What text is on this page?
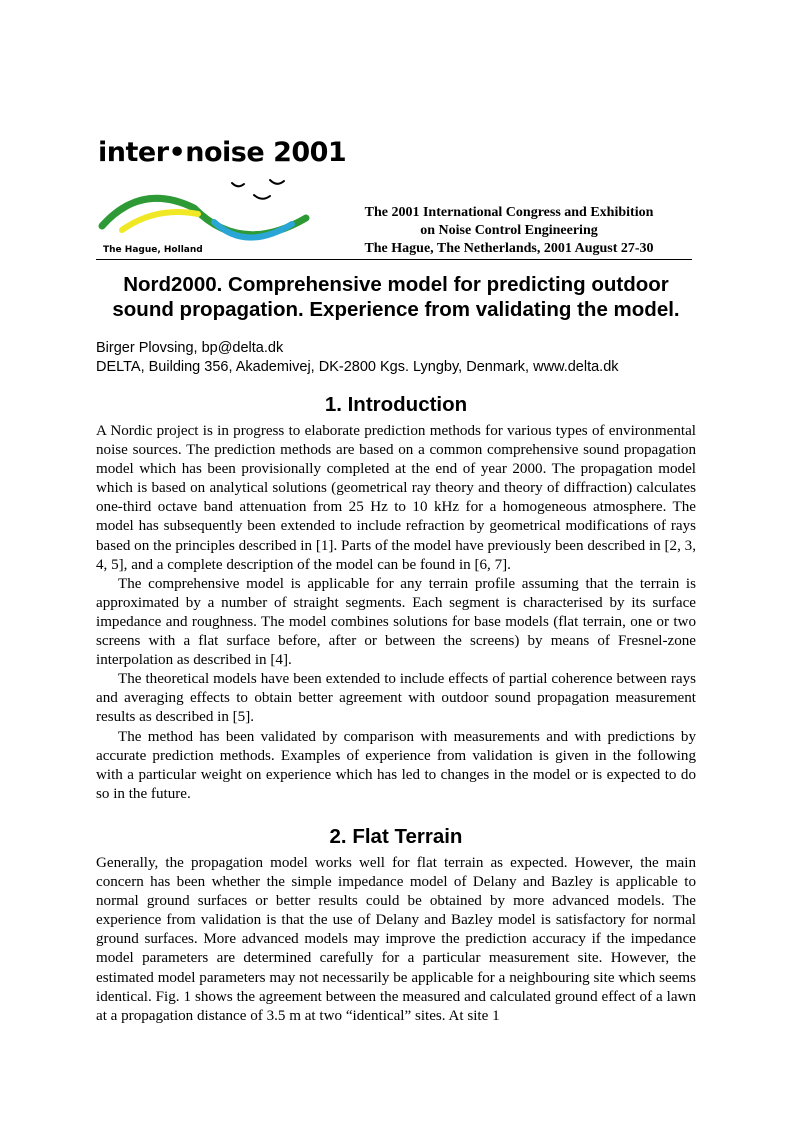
inter•noise 2001
The Hague, Holland
The 2001 International Congress and Exhibition
on Noise Control Engineering
The Hague, The Netherlands, 2001 August 27-30
Nord2000. Comprehensive model for predicting outdoor
sound propagation. Experience from validating the model.
Birger Plovsing, bp@delta.dk
DELTA, Building 356, Akademivej, DK-2800 Kgs. Lyngby, Denmark, www.delta.dk
1. Introduction

A Nordic project is in progress to elaborate prediction methods for various types of environmental noise sources. The prediction methods are based on a common comprehensive sound propagation model which has been provisionally completed at the end of year 2000. The propagation model which is based on analytical solutions (geometrical ray theory and theory of diffraction) calculates one-third octave band attenuation from 25 Hz to 10 kHz for a homogeneous atmosphere. The model has subsequently been extended to include refraction by geometrical modifications of rays based on the principles described in [1]. Parts of the model have previously been described in [2, 3, 4, 5], and a complete description of the model can be found in [6, 7].

The comprehensive model is applicable for any terrain profile assuming that the terrain is approximated by a number of straight segments. Each segment is characterised by its surface impedance and roughness. The model combines solutions for base models (flat terrain, one or two screens with a flat surface before, after or between the screens) by means of Fresnel-zone interpolation as described in [4].

The theoretical models have been extended to include effects of partial coherence between rays and averaging effects to obtain better agreement with outdoor sound propagation measurement results as described in [5].

The method has been validated by comparison with measurements and with predictions by accurate prediction methods. Examples of experience from validation is given in the following with a particular weight on experience which has led to changes in the model or is expected to do so in the future.

2. Flat Terrain

Generally, the propagation model works well for flat terrain as expected. However, the main concern has been whether the simple impedance model of Delany and Bazley is applicable to normal ground surfaces or better results could be obtained by more advanced models. The experience from validation is that the use of Delany and Bazley model is satisfactory for normal ground surfaces. More advanced models may improve the prediction accuracy if the impedance model parameters are determined carefully for a particular measurement site. However, the estimated model parameters may not necessarily be applicable for a neighbouring site which seems identical. Fig. 1 shows the agreement between the measured and calculated ground effect of a lawn at a propagation distance of 3.5 m at two “identical” sites. At site 1
